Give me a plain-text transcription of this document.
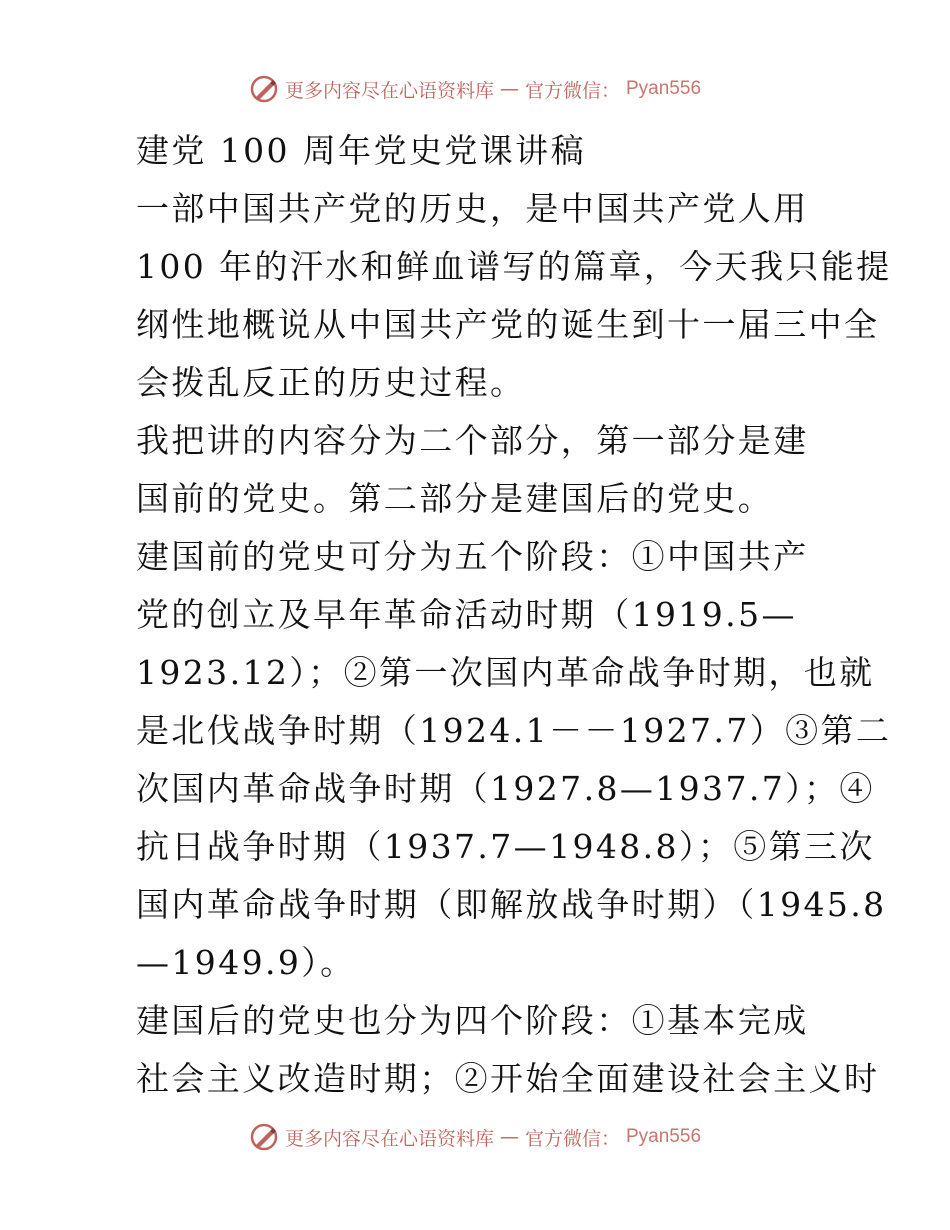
更多内容尽在心语资料库 — 官方微信： Pyan556
建党 100 周年党史党课讲稿
一部中国共产党的历史，是中国共产党人用
100 年的汗水和鲜血谱写的篇章，今天我只能提
纲性地概说从中国共产党的诞生到十一届三中全
会拨乱反正的历史过程。
我把讲的内容分为二个部分，第一部分是建
国前的党史。第二部分是建国后的党史。
建国前的党史可分为五个阶段：①中国共产
党的创立及早年革命活动时期（1919.5—
1923.12）；②第一次国内革命战争时期，也就
是北伐战争时期（1924.1－－1927.7）③第二
次国内革命战争时期（1927.8—1937.7）；④
抗日战争时期（1937.7—1948.8）；⑤第三次
国内革命战争时期（即解放战争时期）（1945.8
—1949.9）。
建国后的党史也分为四个阶段：①基本完成
社会主义改造时期；②开始全面建设社会主义时
更多内容尽在心语资料库 — 官方微信： Pyan556
